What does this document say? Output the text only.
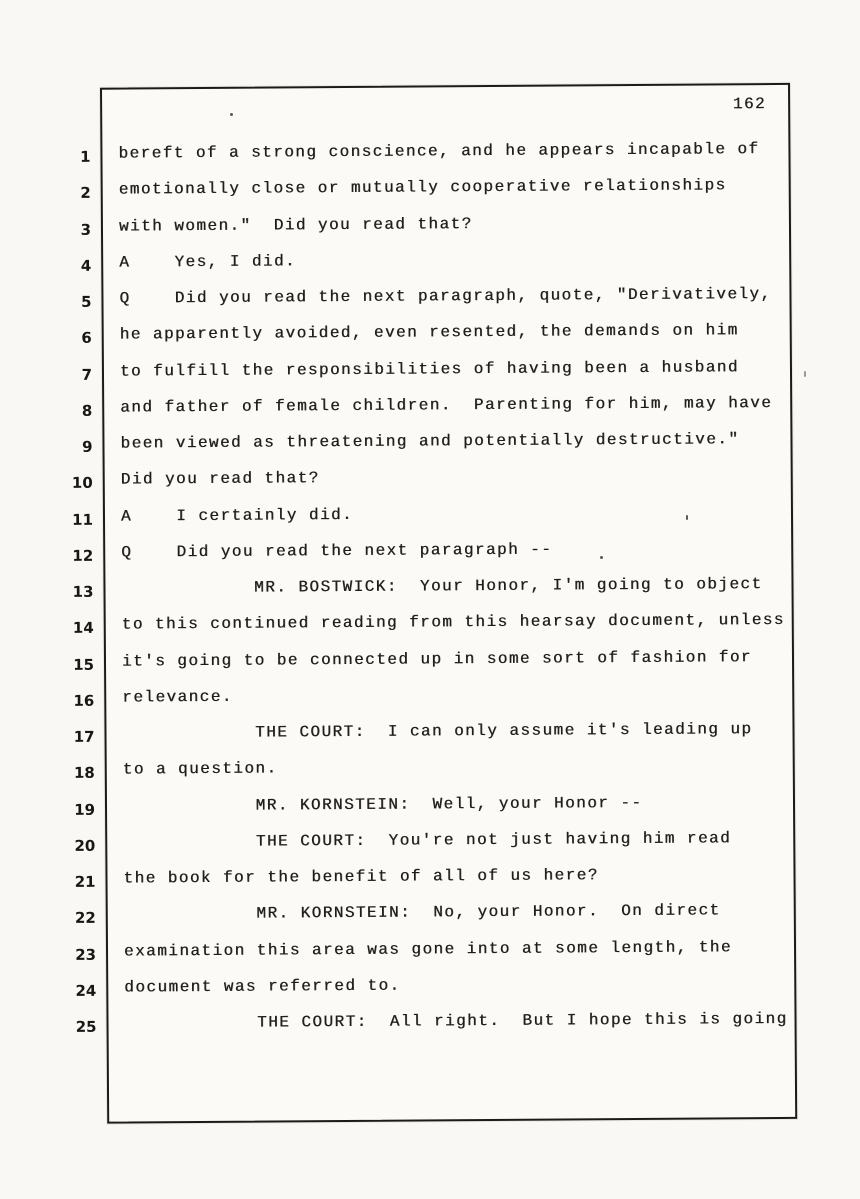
1
2
3
4
5
6
7
8
9
10
11
12
13
14
15
16
17
18
19
20
21
22
23
24
25
162
bereft of a strong conscience, and he appears incapable of
emotionally close or mutually cooperative relationships
with women."  Did you read that?
A    Yes, I did.
Q    Did you read the next paragraph, quote, "Derivatively,
he apparently avoided, even resented, the demands on him
to fulfill the responsibilities of having been a husband
and father of female children.  Parenting for him, may have
been viewed as threatening and potentially destructive."
Did you read that?
A    I certainly did.
Q    Did you read the next paragraph --
MR. BOSTWICK:  Your Honor, I'm going to object
to this continued reading from this hearsay document, unless
it's going to be connected up in some sort of fashion for
relevance.
THE COURT:  I can only assume it's leading up
to a question.
MR. KORNSTEIN:  Well, your Honor --
THE COURT:  You're not just having him read
the book for the benefit of all of us here?
MR. KORNSTEIN:  No, your Honor.  On direct
examination this area was gone into at some length, the
document was referred to.
THE COURT:  All right.  But I hope this is going
